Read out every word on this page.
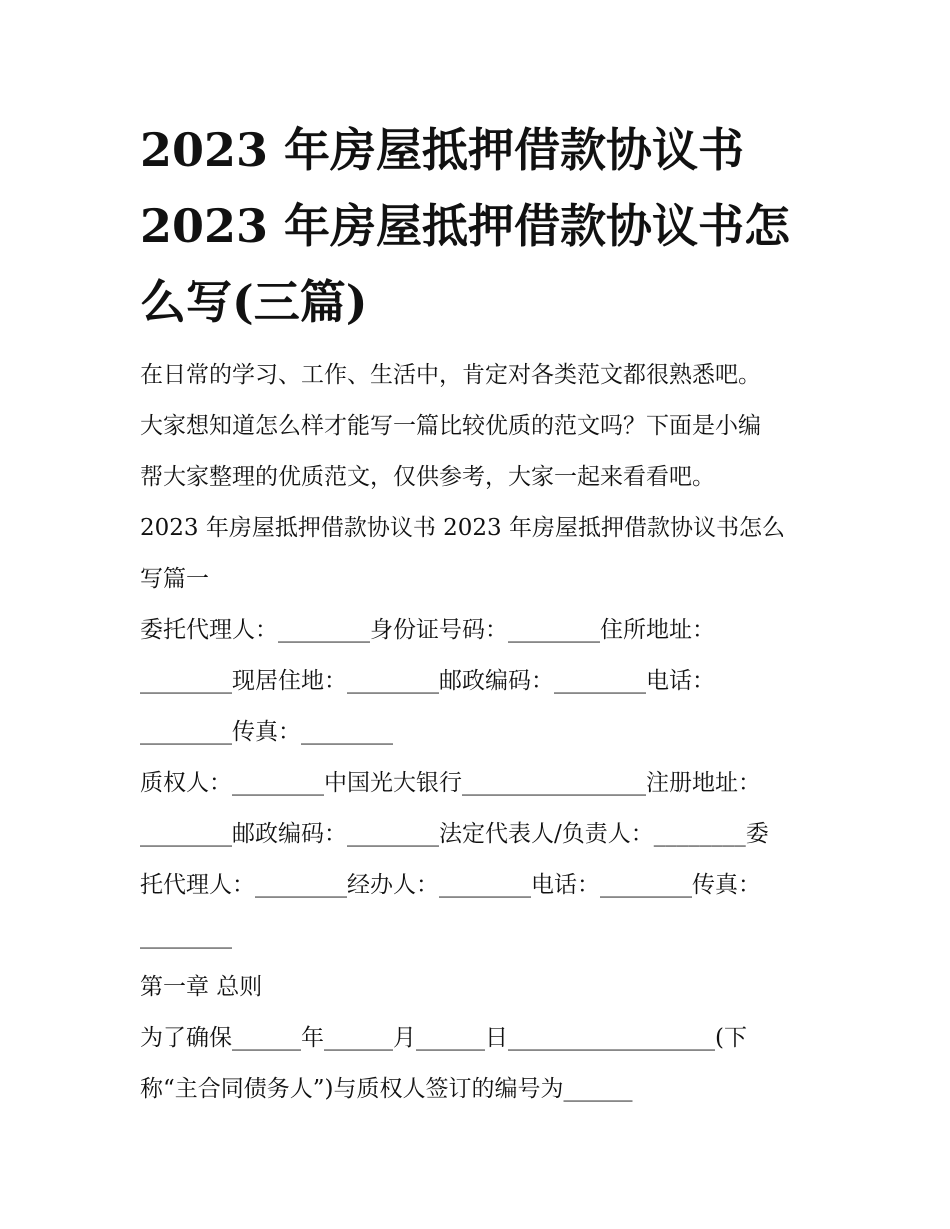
2023 年房屋抵押借款协议书
2023 年房屋抵押借款协议书怎
么写(三篇)

在日常的学习、工作、生活中，肯定对各类范文都很熟悉吧。
大家想知道怎么样才能写一篇比较优质的范文吗？下面是小编
帮大家整理的优质范文，仅供参考，大家一起来看看吧。

2023 年房屋抵押借款协议书 2023 年房屋抵押借款协议书怎么
写篇一

委托代理人：________身份证号码：________住所地址：
________现居住地：________邮政编码：________电话：
________传真：________

质权人：________中国光大银行________________注册地址：
________邮政编码：________法定代表人/负责人：________委
托代理人：________经办人：________电话：________传真：
________

第一章 总则

为了确保______年______月______日__________________(下
称“主合同债务人”)与质权人签订的编号为______
